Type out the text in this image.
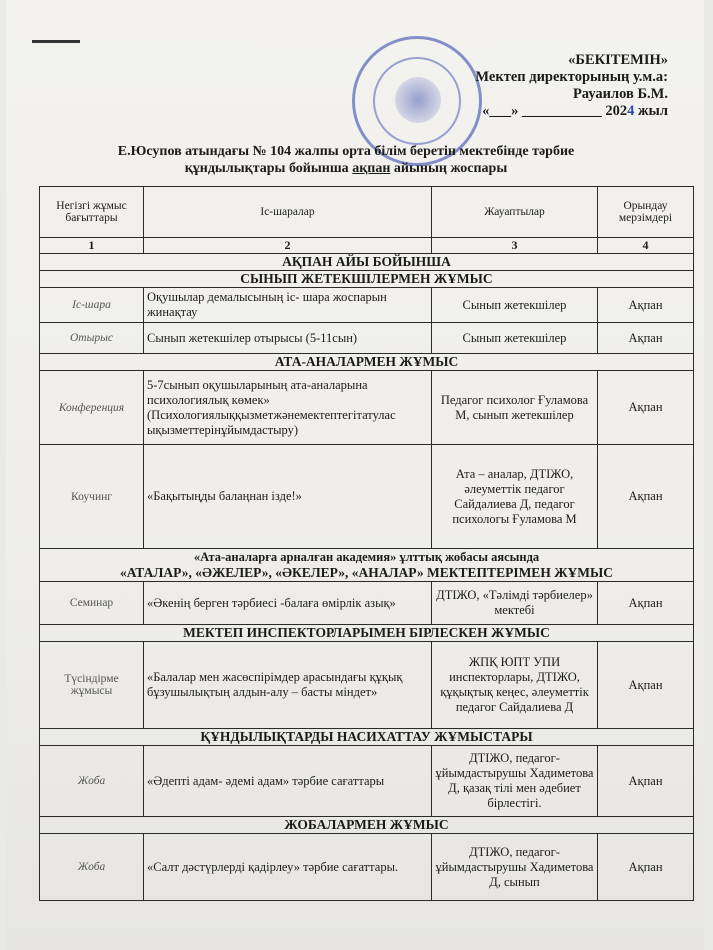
«БЕКІТЕМІН»
Мектеп директорының у.м.а:
Рауаилов Б.М.
«___» ___________ 2024 жыл
Е.Юсупов атындағы № 104 жалпы орта білім беретін мектебінде тәрбие
құндылықтары бойынша ақпан айының жоспары
Негізгі жұмыс бағыттары	Іс-шаралар	Жауаптылар	Орындау мерзімдері
1	2	3	4
АҚПАН АЙЫ БОЙЫНША			
СЫНЫП ЖЕТЕКШІЛЕРМЕН ЖҰМЫС			
Іс-шара	Оқушылар демалысының іс- шара жоспарын жинақтау	Сынып жетекшілер	Ақпан
Отырыс	Сынып жетекшілер отырысы (5-11сын)	Сынып жетекшілер	Ақпан
АТА-АНАЛАРМЕН ЖҰМЫС			
Конференция	5-7сынып оқушыларының ата-аналарына психологиялық көмек» (Психологиялыққызметжәнемектептегітатулас ықызметтерінұйымдастыру)	Педагог психолог Ғуламова М, сынып жетекшілер	Ақпан
Коучинг	«Бақытыңды балаңнан ізде!»	Ата – аналар, ДТІЖО, әлеуметтік педагог Сайдалиева Д, педагог психологы Ғуламова М	Ақпан

«Ата-аналарға арналған академия» ұлттық жобасы аясында
«АТАЛАР», «ӘЖЕЛЕР», «ӘКЕЛЕР», «АНАЛАР» МЕКТЕПТЕРІМЕН ЖҰМЫС			

Семинар	«Әкенің берген тәрбиесі -балаға өмірлік азық»	ДТІЖО, «Тәлімді тәрбиелер» мектебі	Ақпан
МЕКТЕП ИНСПЕКТОРЛАРЫМЕН БІРЛЕСКЕН ЖҰМЫС			
Түсіндірме жұмысы	«Балалар мен жасөспірімдер арасындағы құқық бұзушылықтың алдын-алу – басты міндет»	ЖПҚ ЮПТ УПИ инспекторлары, ДТІЖО, құқықтық кеңес, әлеуметтік педагог Сайдалиева Д	Ақпан
ҚҰНДЫЛЫҚТАРДЫ НАСИХАТТАУ ЖҰМЫСТАРЫ			
Жоба	«Әдепті адам- әдемі адам» тәрбие сағаттары	ДТІЖО, педагог-ұйымдастырушы Хадиметова Д, қазақ тілі мен әдебиет бірлестігі.	Ақпан
ЖОБАЛАРМЕН ЖҰМЫС			
Жоба	«Салт дәстүрлерді қадірлеу» тәрбие сағаттары.	ДТІЖО, педагог-ұйымдастырушы Хадиметова Д, сынып	Ақпан
